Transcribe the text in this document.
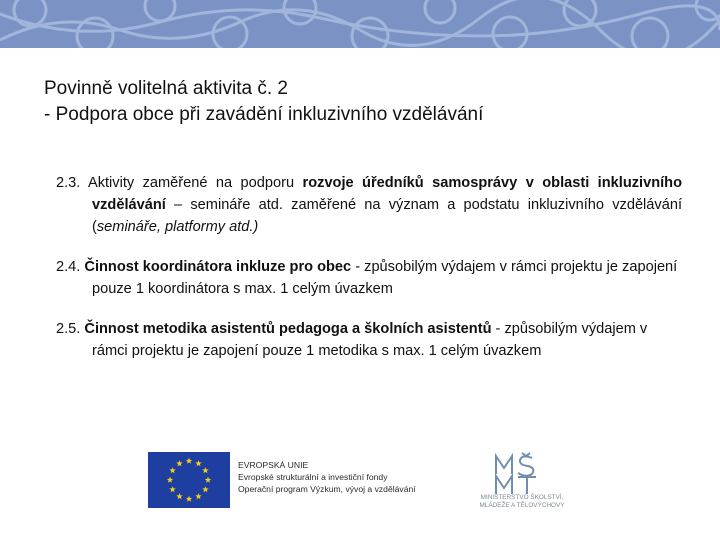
Povinně volitelná aktivita č. 2
- Podpora obce při zavádění inkluzivního vzdělávání

2.3. Aktivity zaměřené na podporu rozvoje úředníků samosprávy v oblasti inkluzivního vzdělávání – semináře atd. zaměřené na význam a podstatu inkluzivního vzdělávání (semináře, platformy atd.)

2.4. Činnost koordinátora inkluze pro obec - způsobilým výdajem v rámci projektu je zapojení pouze 1 koordinátora s max. 1 celým úvazkem

2.5. Činnost metodika asistentů pedagoga a školních asistentů - způsobilým výdajem v rámci projektu je zapojení pouze 1 metodika s max. 1 celým úvazkem

EVROPSKÁ UNIE
Evropské strukturální a investiční fondy
Operační program Výzkum, vývoj a vzdělávání
MINISTERSTVO ŠKOLSTVÍ,
MLÁDEŽE A TĚLOVÝCHOVY
